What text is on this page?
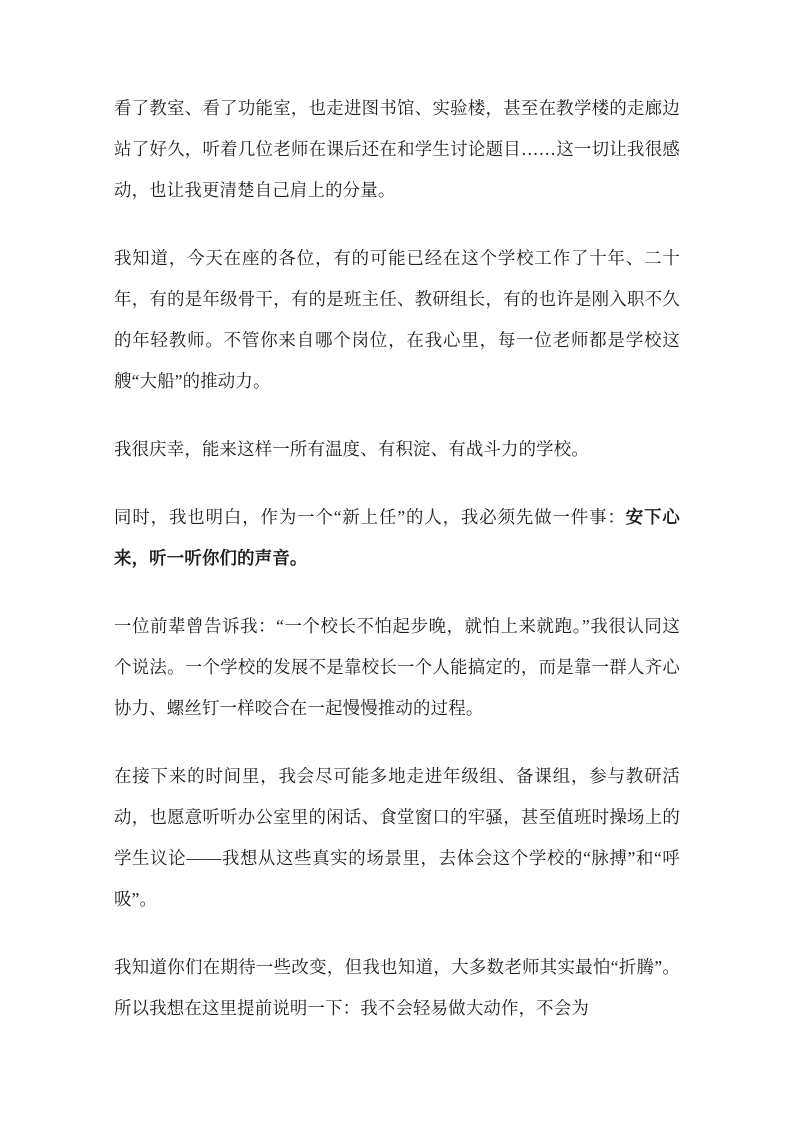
看了教室、看了功能室，也走进图书馆、实验楼，甚至在教学楼的走廊边站了好久，听着几位老师在课后还在和学生讨论题目……这一切让我很感动，也让我更清楚自己肩上的分量。

我知道，今天在座的各位，有的可能已经在这个学校工作了十年、二十年，有的是年级骨干，有的是班主任、教研组长，有的也许是刚入职不久的年轻教师。不管你来自哪个岗位，在我心里，每一位老师都是学校这艘“大船”的推动力。

我很庆幸，能来这样一所有温度、有积淀、有战斗力的学校。

同时，我也明白，作为一个“新上任”的人，我必须先做一件事：安下心来，听一听你们的声音。

一位前辈曾告诉我：“一个校长不怕起步晚，就怕上来就跑。”我很认同这个说法。一个学校的发展不是靠校长一个人能搞定的，而是靠一群人齐心协力、螺丝钉一样咬合在一起慢慢推动的过程。

在接下来的时间里，我会尽可能多地走进年级组、备课组，参与教研活动，也愿意听听办公室里的闲话、食堂窗口的牢骚，甚至值班时操场上的学生议论——我想从这些真实的场景里，去体会这个学校的“脉搏”和“呼吸”。

我知道你们在期待一些改变，但我也知道，大多数老师其实最怕“折腾”。所以我想在这里提前说明一下：我不会轻易做大动作，不会为
